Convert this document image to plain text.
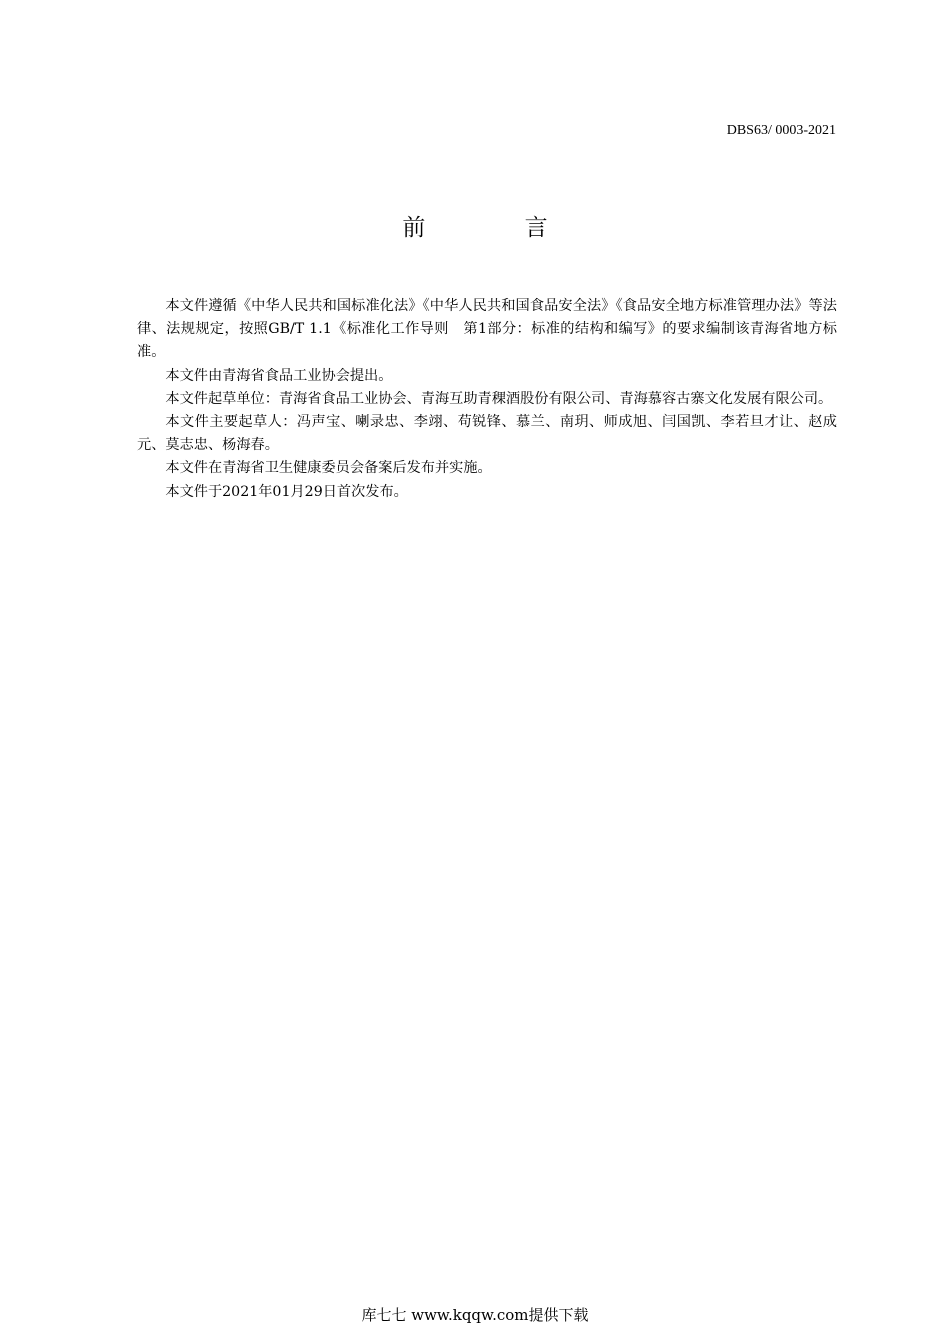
DBS63/ 0003-2021
前 言

本文件遵循《中华人民共和国标准化法》《中华人民共和国食品安全法》《食品安全地方标准管理办法》等法律、法规规定，按照GB/T 1.1《标准化工作导则　第1部分：标准的结构和编写》的要求编制该青海省地方标准。

本文件由青海省食品工业协会提出。

本文件起草单位：青海省食品工业协会、青海互助青稞酒股份有限公司、青海慕容古寨文化发展有限公司。

本文件主要起草人：冯声宝、喇录忠、李翊、苟锐锋、慕兰、南玥、师成旭、闫国凯、李若旦才让、赵成元、莫志忠、杨海春。

本文件在青海省卫生健康委员会备案后发布并实施。

本文件于2021年01月29日首次发布。

库七七 www.kqqw.com提供下载
